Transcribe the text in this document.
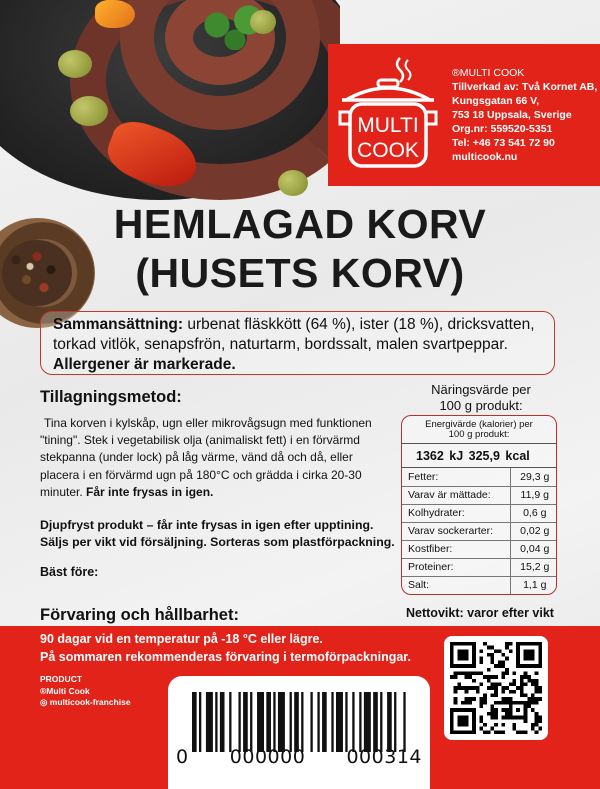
MULTI
COOK
®MULTI COOK
Tillverkad av: Två Kornet AB,
Kungsgatan 66 V,
753 18 Uppsala, Sverige
Org.nr: 559520-5351
Tel: +46 73 541 72 90
multicook.nu
HEMLAGAD KORV
(HUSETS KORV)
Sammansättning: urbenat fläskkött (64 %), ister (18 %), dricksvatten, torkad vitlök, senapsfrön, naturtarm, bordssalt, malen svartpeppar.
Allergener är markerade.
Tillagningsmetod:
Tina korven i kylskåp, ugn eller mikrovågsugn med funktionen "tining". Stek i vegetabilisk olja (animaliskt fett) i en förvärmd stekpanna (under lock) på låg värme, vänd då och då, eller placera i en förvärmd ugn på 180°C och grädda i cirka 20-30 minuter. Får inte frysas in igen.
Djupfryst produkt – får inte frysas in igen efter upptining.
Säljs per vikt vid försäljning. Sorteras som plastförpackning.
Bäst före:
Förvaring och hållbarhet:
Näringsvärde per
100 g produkt:
Energivärde (kalorier) per
100 g produkt:
1362 kJ 325,9 kcal
Fetter:	29,3 g
Varav är mättade:	11,9 g
Kolhydrater:	0,6 g
Varav sockerarter:	0,02 g
Kostfiber:	0,04 g
Proteiner:	15,2 g
Salt:	1,1 g
Nettovikt: varor efter vikt
90 dagar vid en temperatur på -18 °C eller lägre.
På sommaren rekommenderas förvaring i termoförpackningar.
PRODUCT
®Multi Cook
◎ multicook-franchise
0 000000 000314
